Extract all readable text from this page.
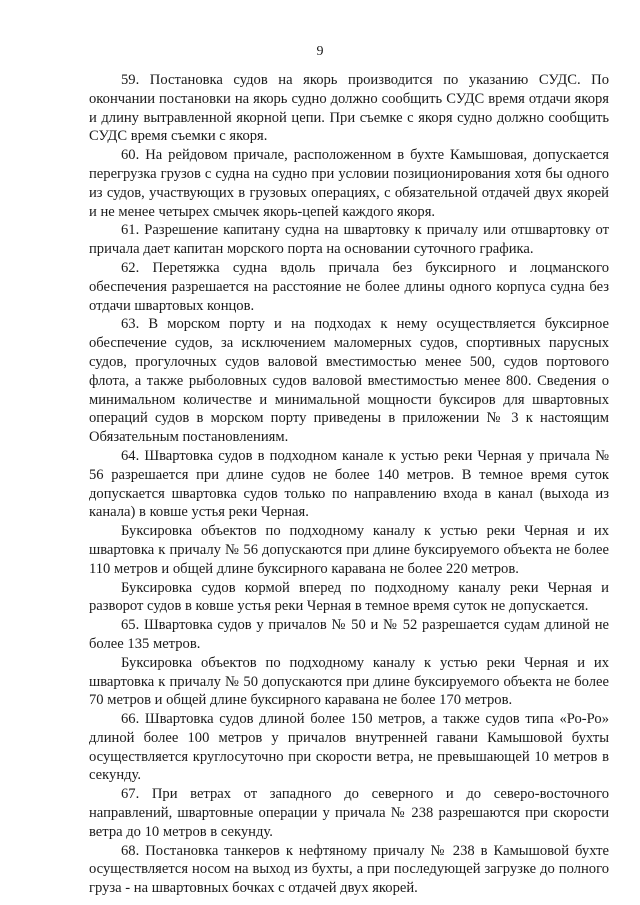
9

59. Постановка судов на якорь производится по указанию СУДС. По окончании постановки на якорь судно должно сообщить СУДС время отдачи якоря и длину вытравленной якорной цепи. При съемке с якоря судно должно сообщить СУДС время съемки с якоря.

60. На рейдовом причале, расположенном в бухте Камышовая, допускается перегрузка грузов с судна на судно при условии позиционирования хотя бы одного из судов, участвующих в грузовых операциях, с обязательной отдачей двух якорей и не менее четырех смычек якорь-цепей каждого якоря.

61. Разрешение капитану судна на швартовку к причалу или отшвартовку от причала дает капитан морского порта на основании суточного графика.

62. Перетяжка судна вдоль причала без буксирного и лоцманского обеспечения разрешается на расстояние не более длины одного корпуса судна без отдачи швартовых концов.

63. В морском порту и на подходах к нему осуществляется буксирное обеспечение судов, за исключением маломерных судов, спортивных парусных судов, прогулочных судов валовой вместимостью менее 500, судов портового флота, а также рыболовных судов валовой вместимостью менее 800. Сведения о минимальном количестве и минимальной мощности буксиров для швартовных операций судов в морском порту приведены в приложении № 3 к настоящим Обязательным постановлениям.

64. Швартовка судов в подходном канале к устью реки Черная у причала № 56 разрешается при длине судов не более 140 метров. В темное время суток допускается швартовка судов только по направлению входа в канал (выхода из канала) в ковше устья реки Черная.

Буксировка объектов по подходному каналу к устью реки Черная и их швартовка к причалу № 56 допускаются при длине буксируемого объекта не более 110 метров и общей длине буксирного каравана не более 220 метров.

Буксировка судов кормой вперед по подходному каналу реки Черная и разворот судов в ковше устья реки Черная в темное время суток не допускается.

65. Швартовка судов у причалов № 50 и № 52 разрешается судам длиной не более 135 метров.

Буксировка объектов по подходному каналу к устью реки Черная и их швартовка к причалу № 50 допускаются при длине буксируемого объекта не более 70 метров и общей длине буксирного каравана не более 170 метров.

66. Швартовка судов длиной более 150 метров, а также судов типа «Ро-Ро» длиной более 100 метров у причалов внутренней гавани Камышовой бухты осуществляется круглосуточно при скорости ветра, не превышающей 10 метров в секунду.

67. При ветрах от западного до северного и до северо-восточного направлений, швартовные операции у причала № 238 разрешаются при скорости ветра до 10 метров в секунду.

68. Постановка танкеров к нефтяному причалу № 238 в Камышовой бухте осуществляется носом на выход из бухты, а при последующей загрузке до полного груза - на швартовных бочках с отдачей двух якорей.
